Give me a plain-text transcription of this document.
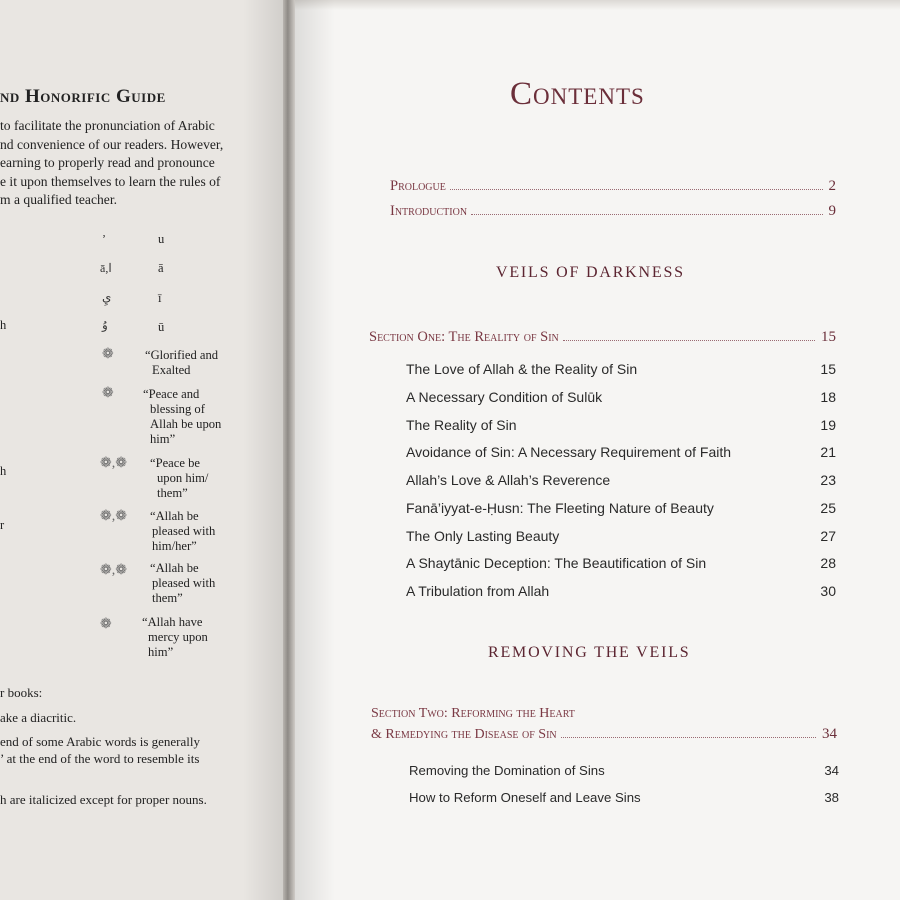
nd Honorific Guide
to facilitate the pronunciation of Arabic
nd convenience of our readers. However,
earning to properly read and pronounce
e it upon themselves to learn the rules of
m a qualified teacher.
ʼ	u
ā,ا	ā
يِ	ī
h	وُ	ū
❁ “Glorified and
Exalted
❁ “Peace and
blessing of
Allah be upon
him”
❁,❁ “Peace be
upon him/
them”
h
❁,❁ “Allah be
pleased with
him/her”
r
❁,❁ “Allah be
pleased with
them”
❁ “Allah have
mercy upon
him”
r books:
ake a diacritic.
end of some Arabic words is generally
’ at the end of the word to resemble its
h are italicized except for proper nouns.
Contents
Prologue	2
Introduction	9
VEILS OF DARKNESS
Section One: The Reality of Sin	15
The Love of Allah & the Reality of Sin	15
A Necessary Condition of Sulūk	18
The Reality of Sin	19
Avoidance of Sin: A Necessary Requirement of Faith	21
Allah’s Love & Allah’s Reverence	23
Fanā’iyyat-e-Ḥusn: The Fleeting Nature of Beauty	25
The Only Lasting Beauty	27
A Shaytānic Deception: The Beautification of Sin	28
A Tribulation from Allah	30
REMOVING THE VEILS
Section Two: Reforming the Heart
& Remedying the Disease of Sin	34
Removing the Domination of Sins	34
How to Reform Oneself and Leave Sins	38
